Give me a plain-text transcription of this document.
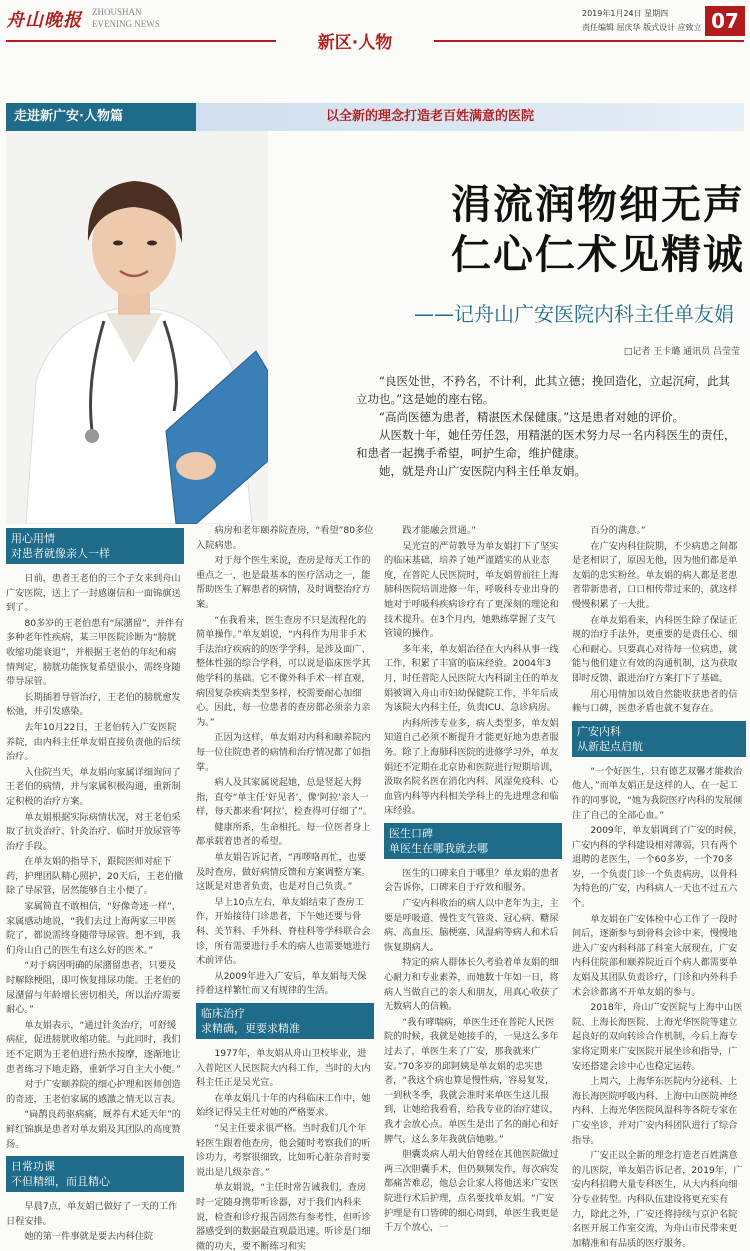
舟山晚报 ZHOUSHAN
EVENING NEWS
2019年1月24日 星期四
责任编辑 屈庆华 版式设计 应致立 07
新区·人物
走进新广安·人物篇	以全新的理念打造老百姓满意的医院
涓流润物细无声
仁心仁术见精诚
——记舟山广安医院内科主任单友娟
□记者 王卡璐 通讯员 吕莹莹

“良医处世，不矜名，不计利，此其立德；挽回造化，立起沉疴，此其立功也。”这是她的座右铭。

“高尚医德为患者，精湛医术保健康。”这是患者对她的评价。

从医数十年，她任劳任怨，用精湛的医术努力尽一名内科医生的责任，和患者一起携手希望，呵护生命，维护健康。

她，就是舟山广安医院内科主任单友娟。

用心用情
对患者就像亲人一样

日前，患者王老伯的三个子女来到舟山广安医院，送上了一封感谢信和一面锦旗送到了。

80多岁的王老伯患有“尿潴留”，并伴有多种老年性疾病，某三甲医院诊断为“膀胱收缩功能衰退”，并根据王老伯的年纪和病情判定，膀胱功能恢复希望很小，需终身随带导尿管。

长期插着导管治疗，王老伯的膀胱愈发松弛，并引发感染。

去年10月22日，王老伯转入广安医院养院，由内科主任单友娟直接负责他的后续治疗。

入住院当天，单友娟向家属详细询问了王老伯的病情，并与家属积极沟通，重新制定积极的治疗方案。

单友娟根据实际病情状况，对王老伯采取了抗炎治疗、针灸治疗、临时开放尿管等治疗手段。

在单友娟的指导下，跟院医师对症下药，护理团队精心照护，20天后，王老伯撤除了导尿管，居然能够自主小便了。

家属简直不敢相信，“好像奇迹一样”，家属感动地说，“我们去过上海两家三甲医院了，都说需终身随带导尿管。想不到，我们舟山自己的医生有这么好的医术。”

“对于病因明确的尿潴留患者，只要及时解除梗阻，即可恢复排尿功能。王老伯的尿潴留与年龄增长密切相关，所以治疗需要耐心。”

单友娟表示，“通过针灸治疗，可舒缓病症，促进膀胱收缩功能。与此同时，我们还不定期为王老伯进行热水按摩，逐渐地让患者练习下地走路，重新学习自主大小便。”

对于广安颐养院的细心护理和医师创造的奇迹，王老伯家属的感激之情无以言表。

“扁鹊良药驱病痛，厩养有术延天年”的鲜红锦旗是患者对单友娟及其团队的高度赞扬。

日常功课
不但精细，而且精心

早晨7点，单友娟已做好了一天的工作日程安排。

她的第一件事就是要去内科住院

病房和老年颐养院查房，“看望”80多位入院病患。

对于每个医生来说，查房是每天工作的重点之一，也是最基本的医疗活动之一，能帮助医生了解患者的病情，及时调整治疗方案。

“在我看来，医生查房不只是流程化的简单操作。”单友娟说，“内科作为用非手术手法治疗疾病的的医学学科，是涉及面广、整体性强的综合学科，可以说是临床医学其他学科的基础。它不像外科手术一样直观，病因复杂疾病类型多样，校需要耐心加细心。因此，每一位患者的查房都必须亲力亲为。”

正因为这样，单友娟对内科和颐养院内每一位住院患者的病情和治疗情况都了如指掌。

病人及其家属说起她，总是竖起大拇指，直夸“单主任‘好见者’，像‘阿拉’亲人一样，每天都来看‘阿拉’，检查得可仔细了”。

健康所系，生命相托。每一位医者身上都承载着患者的希望。

单友娟告诉记者，“再啰咯再忙，也要及时查房，做好病情反馈和方案调整方案。这既是对患者负责，也是对自己负责。”

早上10点左右，单友娟结束了查房工作，开始接待门诊患者，下午她还要与骨科、关节科、手外科、脊柱科等学科联合会诊，所有需要进行手术的病人也需要她进行术前评估。

从2009年进入广安后，单友娟每天保持着这样繁忙而又有规律的生活。

临床治疗
求精确，更要求精准

1977年，单友娟从舟山卫校毕业，进入普陀区人民医院大内科工作，当时的大内科主任正是吴光宣。

在单友娟几十年的内科临床工作中，她始终记得吴主任对她的严格要求。

“吴主任要求很严格。当时我们几个年轻医生跟着他查房，他会随时考察我们的听诊功力，考察很细致，比如听心脏杂音时要说出是几级杂音。”

单友娟说，“主任时常告诫我们，查房时一定随身携带听诊器，对于我们内科来说，检查和诊疗报告固然有参考性，但听诊器感受到的数据最直观最迅速。听诊是门细微的功夫，要不断练习和实

践才能融会贯通。”

吴光宣的严苛教导为单友娟打下了坚实的临床基础，培养了她严谨踏实的从业态度，在普陀人民医院时，单友娟曾前往上海肺科医院培训进修一年，呼吸科专业出身的她对于呼吸科疾病诊疗有了更深刻的理论和技术提升。在3个月内，她熟练掌握了支气管镜的操作。

多年来，单友娟治径在大内科从事一线工作，积累了丰富的临床经验。2004年3月，时任普陀人民医院大内科副主任的单友娟被调入舟山市妇幼保健院工作，半年后成为该院大内科主任，负责ICU、急诊病房。

内科所涉专业多，病人类型多，单友娟知道自己必须不断提升才能更好地为患者服务。除了上海肺科医院的进修学习外，单友娟还不定期在北京协和医院进行短期培训，汲取名院名医在消化内科、风湿免疫科、心血管内科等内科相关学科上的先进理念和临床经验。

医生口碑
单医生在哪我就去哪

医生的口碑来自于哪里？单友娟的患者会告诉你，口碑来自于疗效和服务。

广安内科收治的病人以中老年为主，主要是呼吸道、慢性支气管炎、冠心病、糖尿病、高血压、脑梗塞、风湿病等病人和术后恢复期病人。

特定的病人群体长久考验着单友娟的细心耐力和专业素养，而她数十年如一日，将病人当做自己的亲人和朋友，用真心收获了无数病人的信赖。

“我有哮喘病，单医生还在普陀人民医院的时候，我就是她接手的，一晃这么多年过去了，单医生来了广安，那我就来广安。”70多岁的邱阿姨是单友娟的忠实患者，“我这个病也算是慢性病，容易复发，一到秋冬季，我就会准时来单医生这儿报到，让她给我看看，给我专业的治疗建议，我才会放心点。单医生是出了名的耐心和好脾气，这么多年我就信她啦。”

胆囊炎病人胡大伯曾经在其他医院做过两三次胆囊手术，但仍频频发作，每次病发都痛苦难忍，他总会让家人将他送来广安医院进行术后护理，点名要找单友娟。“广安护理是有口皆碑的细心周到，单医生我更是千万个放心，一

百分的满意。”

在广安内科住院期，不少病患之间都是老相识了，原因无他，因为他们都是单友娟的忠实粉丝。单友娟的病人都是老患者带新患者，口口相传带过来的，就这样慢慢积累了一大批。

在单友娟看来，内科医生除了保证正规的治疗手法外，更重要的是责任心、细心和耐心。只要真心对待每一位病患，就能与他们建立有效的沟通机制，这为获取即时反馈、跟进治疗方案打下了基础。

用心用情加以效自然能收获患者的信赖与口碑，医患矛盾也就不复存在。

广安内科
从新起点启航

“一个好医生，只有德艺双馨才能救治他人，”而单友娟正是这样的人，在一起工作的同事说，“她为我院医疗内科的发展倾注了自己的全部心血。”

2009年，单友娟调到了广安的时候，广安内科的学科建设相对薄弱，只有两个退聘的老医生，一个60多岁，一个70多岁，一个负责门诊一个负责病房，以骨科为特色的广安，内科病人一天也不过五六个。

单友娟在广安体检中心工作了一段时间后，逐渐参与到骨科会诊中来，慢慢地进入广安内科科部了科室大展现在，广安内科住院部和颐养院近百个病人都需要单友娟及其团队负责诊疗，门诊和内外科手术会诊都离不开单友娟的参与。

2018年，舟山广安医院与上海中山医院、上海长海医院、上海光华医院等建立起良好的双向转诊合作机制，今后上海专家将定期来广安医院开展坐诊和指导，广安还搭建会诊中心也稳定运转。

上周六，上海华东医院内分泌科、上海长海医院呼吸内科、上海中山医院神经内科、上海光华医院风湿科等各院专家在广安坐诊，并对广安内科团队进行了综合指导。

广安正以全新的理念打造老百姓满意的儿医院，单友娟告诉记者，2019年，广安内科招聘大量专科医生，从大内科向细分专业转型。内科队伍建设将更充实有力，除此之外，广安还将持续与京沪名院名医开展工作室交流，为舟山市民带来更加精准和有品质的医疗服务。
